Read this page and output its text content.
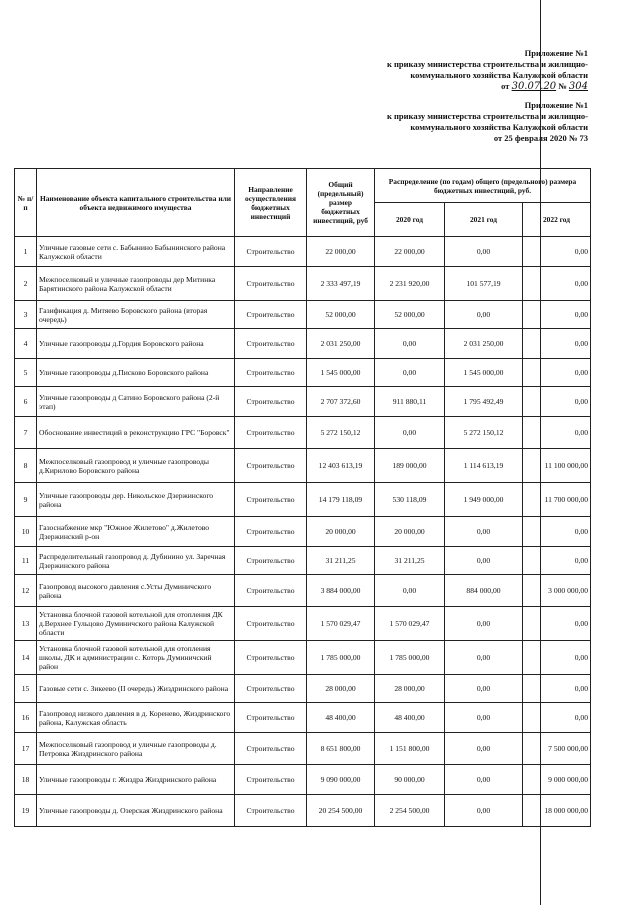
Приложение №1
к приказу министерства строительства и жилищно-
коммунального хозяйства Калужской области
от 30.07.20 № 304
Приложение №1
к приказу министерства строительства и жилищно-
коммунального хозяйства Калужской области
от 25 февраля 2020 № 73
№ п/п	Наименование объекта капитального строительства или объекта недвижимого имущества	Направление осуществления бюджетных инвестиций	Общий (предельный) размер бюджетных инвестиций, руб	Распределение (по годам) общего (предельного) размера бюджетных инвестиций, руб.		
				2020 год	2021 год	2022 год
1	Уличные газовые сети с. Бабынино Бабынинского района Калужской области	Строительство	22 000,00	22 000,00	0,00	0,00
2	Межпоселковый и уличные газопроводы дер Митинка Барятинского района Калужской области	Строительство	2 333 497,19	2 231 920,00	101 577,19	0,00
3	Газификация д. Митяево Боровского района (вторая очередь)	Строительство	52 000,00	52 000,00	0,00	0,00
4	Уличные газопроводы д.Гордия Боровского района	Строительство	2 031 250,00	0,00	2 031 250,00	0,00
5	Уличные газопроводы д.Писково Боровского района	Строительство	1 545 000,00	0,00	1 545 000,00	0,00
6	Уличные газопроводы д Сатино Боровского района (2-й этап)	Строительство	2 707 372,60	911 880,11	1 795 492,49	0,00
7	Обоснование инвестиций в реконструкцию ГРС "Боровск"	Строительство	5 272 150,12	0,00	5 272 150,12	0,00
8	Межпоселковый газопровод и уличные газопроводы д.Кирилово Боровского района	Строительство	12 403 613,19	189 000,00	1 114 613,19	11 100 000,00
9	Уличные газопроводы дер. Никольское Дзержинского района	Строительство	14 179 118,09	530 118,09	1 949 000,00	11 700 000,00
10	Газоснабжение мкр "Южное Жилетово" д.Жилетово Дзержинский р-он	Строительство	20 000,00	20 000,00	0,00	0,00
11	Распределительный газопровод д. Дубинино ул. Заречная Дзержинского района	Строительство	31 211,25	31 211,25	0,00	0,00
12	Газопровод высокого давления с.Усты Думиничского района	Строительство	3 884 000,00	0,00	884 000,00	3 000 000,00
13	Установка блочной газовой котельной для отопления ДК д.Верхнее Гульцово Думиничского района Калужской области	Строительство	1 570 029,47	1 570 029,47	0,00	0,00
14	Установка блочной газовой котельной для отопления школы, ДК и администрации с. Которь Думиничский район	Строительство	1 785 000,00	1 785 000,00	0,00	0,00
15	Газовые сети с. Зикеево (II очередь) Жиздринского района	Строительство	28 000,00	28 000,00	0,00	0,00
16	Газопровод низкого давления в д. Коренево, Жиздринского района, Калужская область	Строительство	48 400,00	48 400,00	0,00	0,00
17	Межпоселковый газопровод и уличные газопроводы д. Петровка Жиздринского района	Строительство	8 651 800,00	1 151 800,00	0,00	7 500 000,00
18	Уличные газопроводы г. Жиздра Жиздринского района	Строительство	9 090 000,00	90 000,00	0,00	9 000 000,00
19	Уличные газопроводы д. Озерская Жиздринского района	Строительство	20 254 500,00	2 254 500,00	0,00	18 000 000,00
